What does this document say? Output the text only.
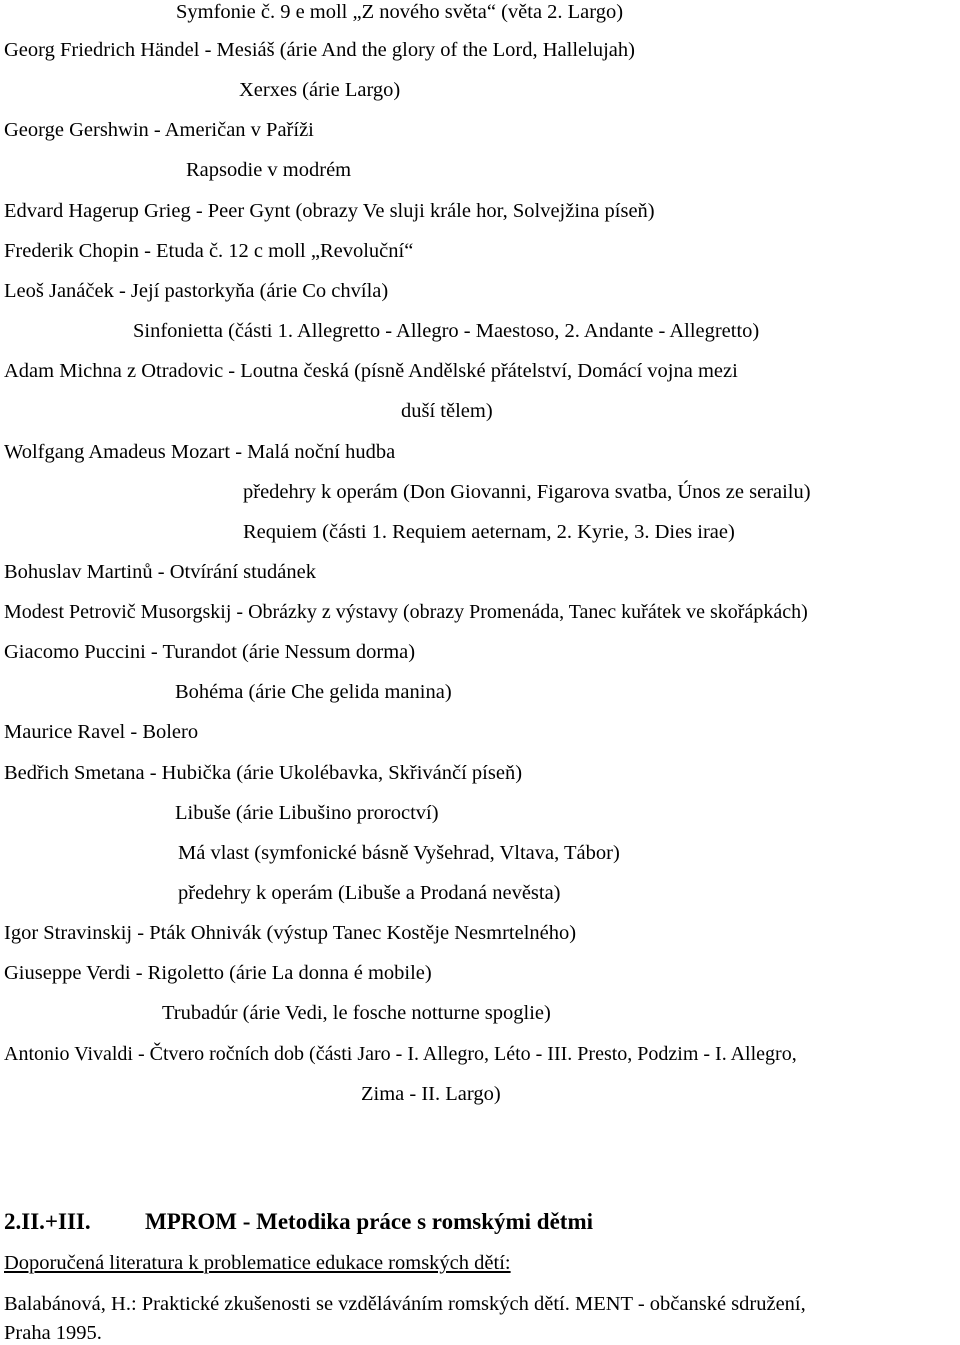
Symfonie č. 9 e moll „Z nového světa“ (věta 2. Largo)
Georg Friedrich Händel - Mesiáš (árie And the glory of the Lord, Hallelujah)
Xerxes (árie Largo)
George Gershwin - Američan v Paříži
Rapsodie v modrém
Edvard Hagerup Grieg - Peer Gynt (obrazy Ve sluji krále hor, Solvejžina píseň)
Frederik Chopin - Etuda č. 12 c moll „Revoluční“
Leoš Janáček - Její pastorkyňa (árie Co chvíla)
Sinfonietta (části 1. Allegretto - Allegro - Maestoso, 2. Andante - Allegretto)
Adam Michna z Otradovic - Loutna česká (písně Andělské přátelství, Domácí vojna mezi
duší tělem)
Wolfgang Amadeus Mozart - Malá noční hudba
předehry k operám (Don Giovanni, Figarova svatba, Únos ze serailu)
Requiem (části 1. Requiem aeternam, 2. Kyrie, 3. Dies irae)
Bohuslav Martinů - Otvírání studánek
Modest Petrovič Musorgskij - Obrázky z výstavy (obrazy Promenáda, Tanec kuřátek ve skořápkách)
Giacomo Puccini - Turandot (árie Nessum dorma)
Bohéma (árie Che gelida manina)
Maurice Ravel - Bolero
Bedřich Smetana - Hubička (árie Ukolébavka, Skřivánčí píseň)
Libuše (árie Libušino proroctví)
Má vlast (symfonické básně Vyšehrad, Vltava, Tábor)
předehry k operám (Libuše a Prodaná nevěsta)
Igor Stravinskij - Pták Ohnivák (výstup Tanec Kostěje Nesmrtelného)
Giuseppe Verdi - Rigoletto (árie La donna é mobile)
Trubadúr (árie Vedi, le fosche notturne spoglie)
Antonio Vivaldi - Čtvero ročních dob (části Jaro - I. Allegro, Léto - III. Presto, Podzim - I. Allegro,
Zima - II. Largo)
2.II.+III. MPROM - Metodika práce s romskými dětmi
Doporučená literatura k problematice edukace romských dětí:
Balabánová, H.: Praktické zkušenosti se vzděláváním romských dětí. MENT - občanské sdružení,
Praha 1995.
